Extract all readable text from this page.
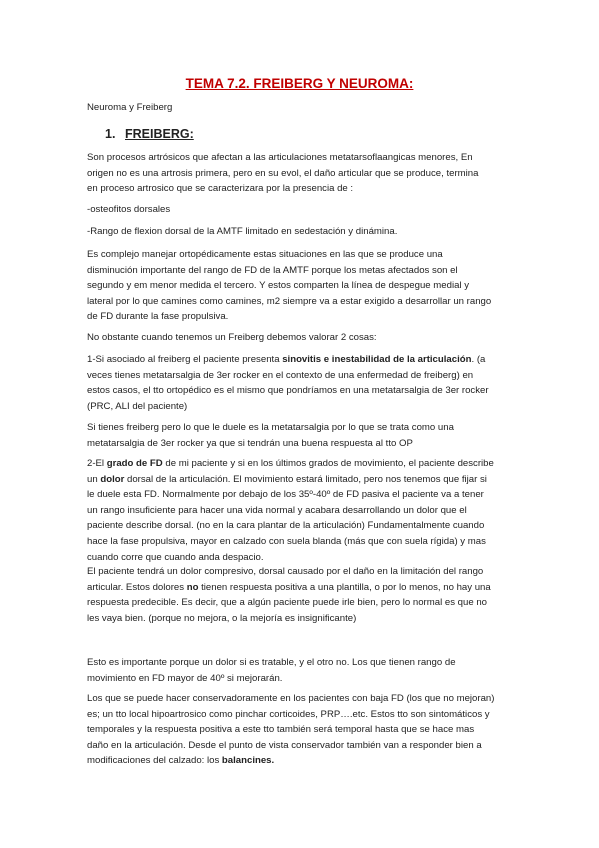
TEMA 7.2. FREIBERG Y NEUROMA:

Neuroma y Freiberg

1. FREIBERG:

Son procesos artrósicos que afectan a las articulaciones metatarsoflaangicas menores, En
origen no es una artrosis primera, pero en su evol, el daño articular que se produce, termina
en proceso artrosico que se caracterizara por la presencia de :

-osteofitos dorsales

-Rango de flexion dorsal de la AMTF limitado en sedestación y dinámina.

Es complejo manejar ortopédicamente estas situaciones en las que se produce una
disminución importante del rango de FD de la AMTF porque los metas afectados son el
segundo y em menor medida el tercero. Y estos comparten la línea de despegue medial y
lateral por lo que camines como camines, m2 siempre va a estar exigido a desarrollar un rango
de FD durante la fase propulsiva.

No obstante cuando tenemos un Freiberg debemos valorar 2 cosas:

1-Si asociado al freiberg el paciente presenta sinovitis e inestabilidad de la articulación. (a
veces tienes metatarsalgia de 3er rocker en el contexto de una enfermedad de freiberg) en
estos casos, el tto ortopédico es el mismo que pondríamos en una metatarsalgia de 3er rocker
(PRC, ALI del paciente)

Si tienes freiberg pero lo que le duele es la metatarsalgia por lo que se trata como una
metatarsalgia de 3er rocker ya que si tendrán una buena respuesta al tto OP

2-El grado de FD de mi paciente y si en los últimos grados de movimiento, el paciente describe
un dolor dorsal de la articulación. El movimiento estará limitado, pero nos tenemos que fijar si
le duele esta FD. Normalmente por debajo de los 35º-40º de FD pasiva el paciente va a tener
un rango insuficiente para hacer una vida normal y acabara desarrollando un dolor que el
paciente describe dorsal. (no en la cara plantar de la articulación) Fundamentalmente cuando
hace la fase propulsiva, mayor en calzado con suela blanda (más que con suela rígida) y mas
cuando corre que cuando anda despacio.

El paciente tendrá un dolor compresivo, dorsal causado por el daño en la limitación del rango
articular. Estos dolores no tienen respuesta positiva a una plantilla, o por lo menos, no hay una
respuesta predecible. Es decir, que a algún paciente puede irle bien, pero lo normal es que no
les vaya bien. (porque no mejora, o la mejoría es insignificante)

Esto es importante porque un dolor si es tratable, y el otro no. Los que tienen rango de
movimiento en FD mayor de 40º si mejorarán.

Los que se puede hacer conservadoramente en los pacientes con baja FD (los que no mejoran)
es; un tto local hipoartrosico como pinchar corticoides, PRP….etc. Estos tto son sintomáticos y
temporales y la respuesta positiva a este tto también será temporal hasta que se hace mas
daño en la articulación. Desde el punto de vista conservador también van a responder bien a
modificaciones del calzado: los balancines.
